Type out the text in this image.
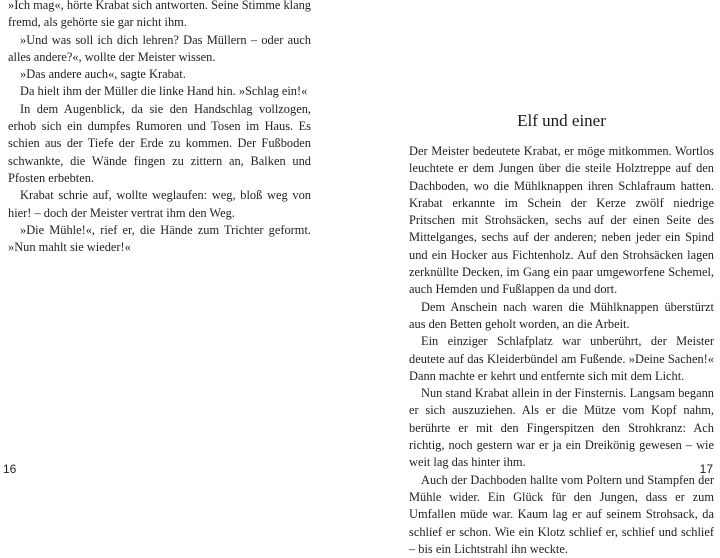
»Ich mag«, hörte Krabat sich antworten. Seine Stimme klang fremd, als gehörte sie gar nicht ihm.

»Und was soll ich dich lehren? Das Müllern – oder auch alles andere?«, wollte der Meister wissen.

»Das andere auch«, sagte Krabat.

Da hielt ihm der Müller die linke Hand hin. »Schlag ein!«

In dem Augenblick, da sie den Handschlag vollzogen, erhob sich ein dumpfes Rumoren und Tosen im Haus. Es schien aus der Tiefe der Erde zu kommen. Der Fußboden schwankte, die Wände fingen zu zittern an, Balken und Pfosten erbebten.

Krabat schrie auf, wollte weglaufen: weg, bloß weg von hier! – doch der Meister vertrat ihm den Weg.

»Die Mühle!«, rief er, die Hände zum Trichter geformt. »Nun mahlt sie wieder!«

16
Elf und einer

Der Meister bedeutete Krabat, er möge mitkommen. Wortlos leuchtete er dem Jungen über die steile Holztreppe auf den Dachboden, wo die Mühlknappen ihren Schlafraum hatten. Krabat erkannte im Schein der Kerze zwölf niedrige Pritschen mit Strohsäcken, sechs auf der einen Seite des Mittelganges, sechs auf der anderen; neben jeder ein Spind und ein Hocker aus Fichtenholz. Auf den Strohsäcken lagen zerknüllte Decken, im Gang ein paar umgeworfene Schemel, auch Hemden und Fußlappen da und dort.

Dem Anschein nach waren die Mühlknappen überstürzt aus den Betten geholt worden, an die Arbeit.

Ein einziger Schlafplatz war unberührt, der Meister deutete auf das Kleiderbündel am Fußende. »Deine Sachen!« Dann machte er kehrt und entfernte sich mit dem Licht.

Nun stand Krabat allein in der Finsternis. Langsam begann er sich auszuziehen. Als er die Mütze vom Kopf nahm, berührte er mit den Fingerspitzen den Strohkranz: Ach richtig, noch gestern war er ja ein Dreikönig gewesen – wie weit lag das hinter ihm.

Auch der Dachboden hallte vom Poltern und Stampfen der Mühle wider. Ein Glück für den Jungen, dass er zum Umfallen müde war. Kaum lag er auf seinem Strohsack, da schlief er schon. Wie ein Klotz schlief er, schlief und schlief – bis ein Lichtstrahl ihn weckte.

17
